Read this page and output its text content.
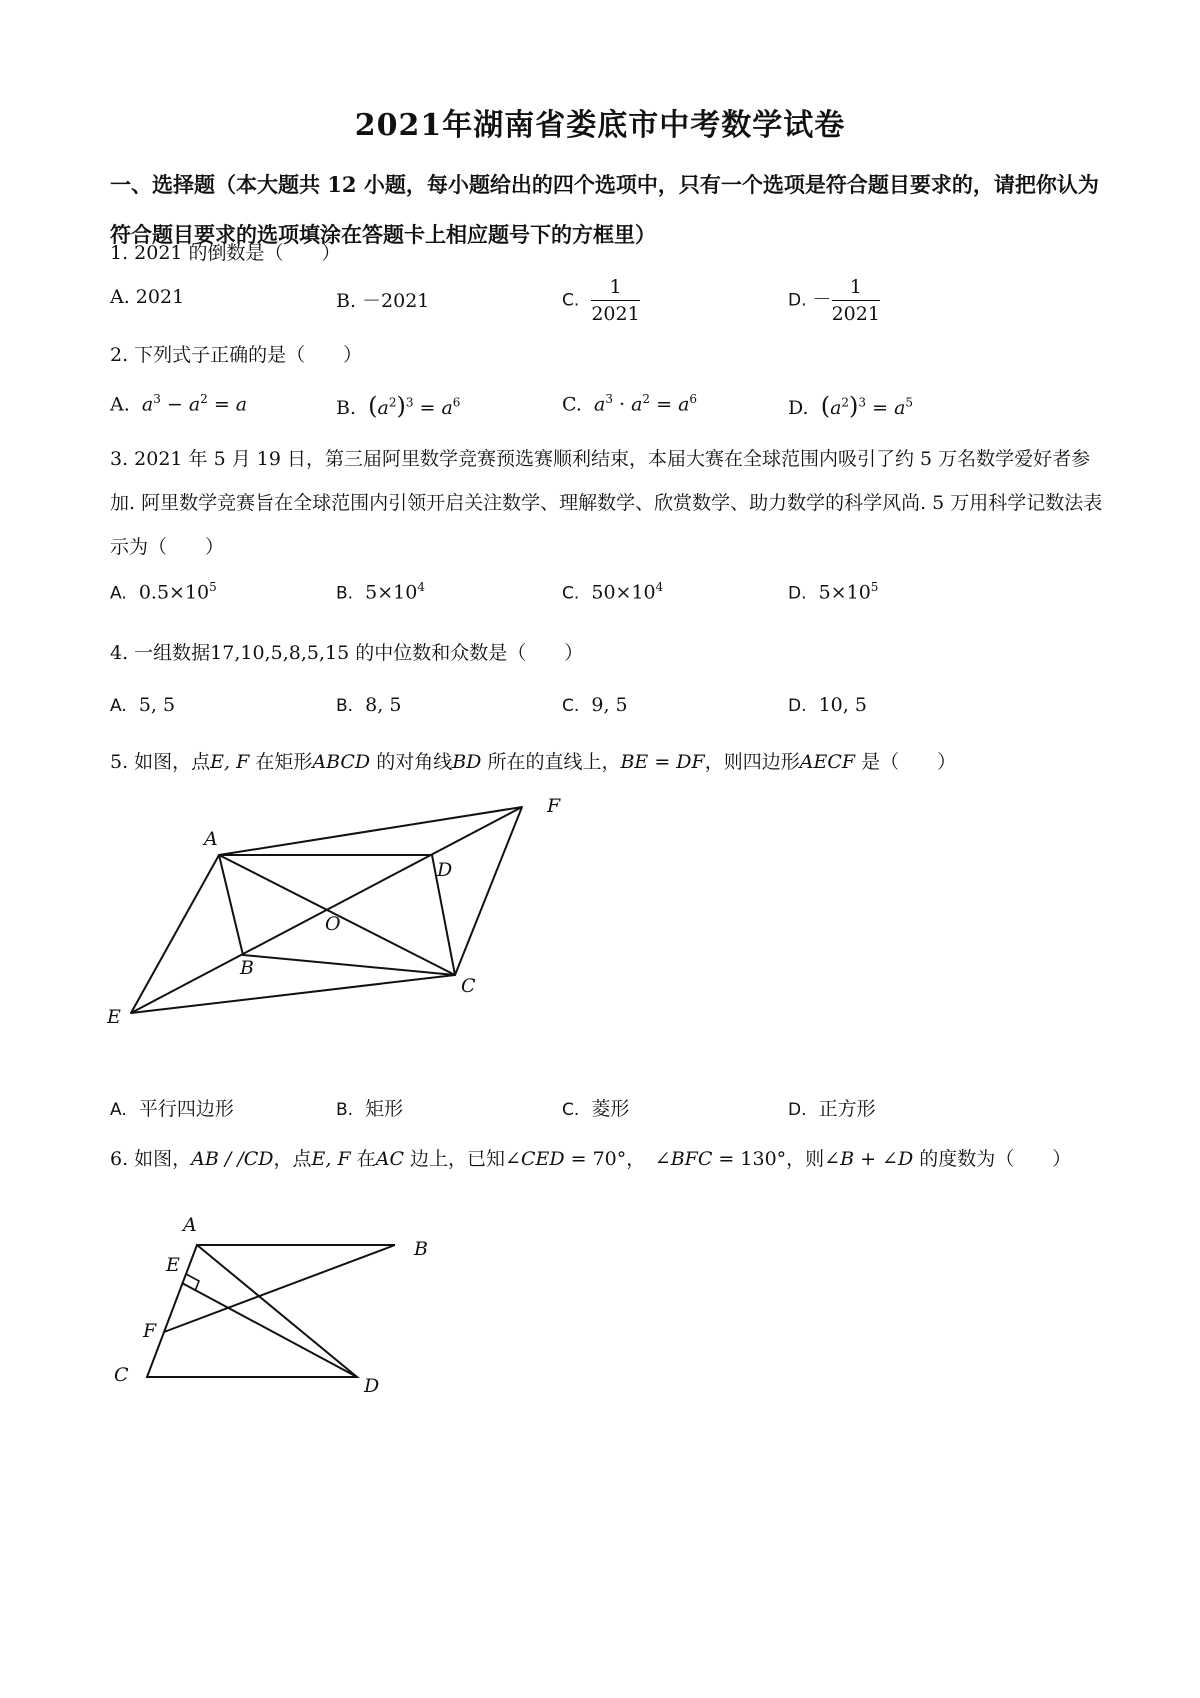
2021年湖南省娄底市中考数学试卷
一、选择题（本大题共 12 小题，每小题给出的四个选项中，只有一个选项是符合题目要求的，请把你认为符合题目要求的选项填涂在答题卡上相应题号下的方框里）
1. 2021 的倒数是（　　）
A. 2021	B. －2021	C. $\frac{1}{2021}$	D. － $\frac{1}{2021}$
2. 下列式子正确的是（　　）
A. $a^3 - a^2 = a$	B. $(a^2)^3 = a^6$	C. $a^3 \cdot a^2 = a^6$	D. $(a^2)^3 = a^5$
3. 2021 年 5 月 19 日，第三届阿里数学竞赛预选赛顺利结束，本届大赛在全球范围内吸引了约 5 万名数学爱好者参加. 阿里数学竞赛旨在全球范围内引领开启关注数学、理解数学、欣赏数学、助力数学的科学风尚. 5 万用科学记数法表示为（　　）
A. $0.5\times 10^5$	B. $5\times 10^4$	C. $50\times 10^4$	D. $5\times 10^5$
4. 一组数据17,10,5,8,5,15 的中位数和众数是（　　）
A. 5, 5	B. 8, 5	C. 9, 5	D. 10, 5
5. 如图，点E, F 在矩形ABCD 的对角线BD 所在的直线上，BE = DF，则四边形AECF 是（　　）
A
B
C
D
E
F
O
A
B
C	D
E
F
A. 平行四边形	B. 矩形	C. 菱形	D. 正方形
6. 如图，AB / /CD，点E, F 在AC 边上，已知∠CED = 70°，　∠BFC = 130°，则∠B + ∠D 的度数为（　　）
